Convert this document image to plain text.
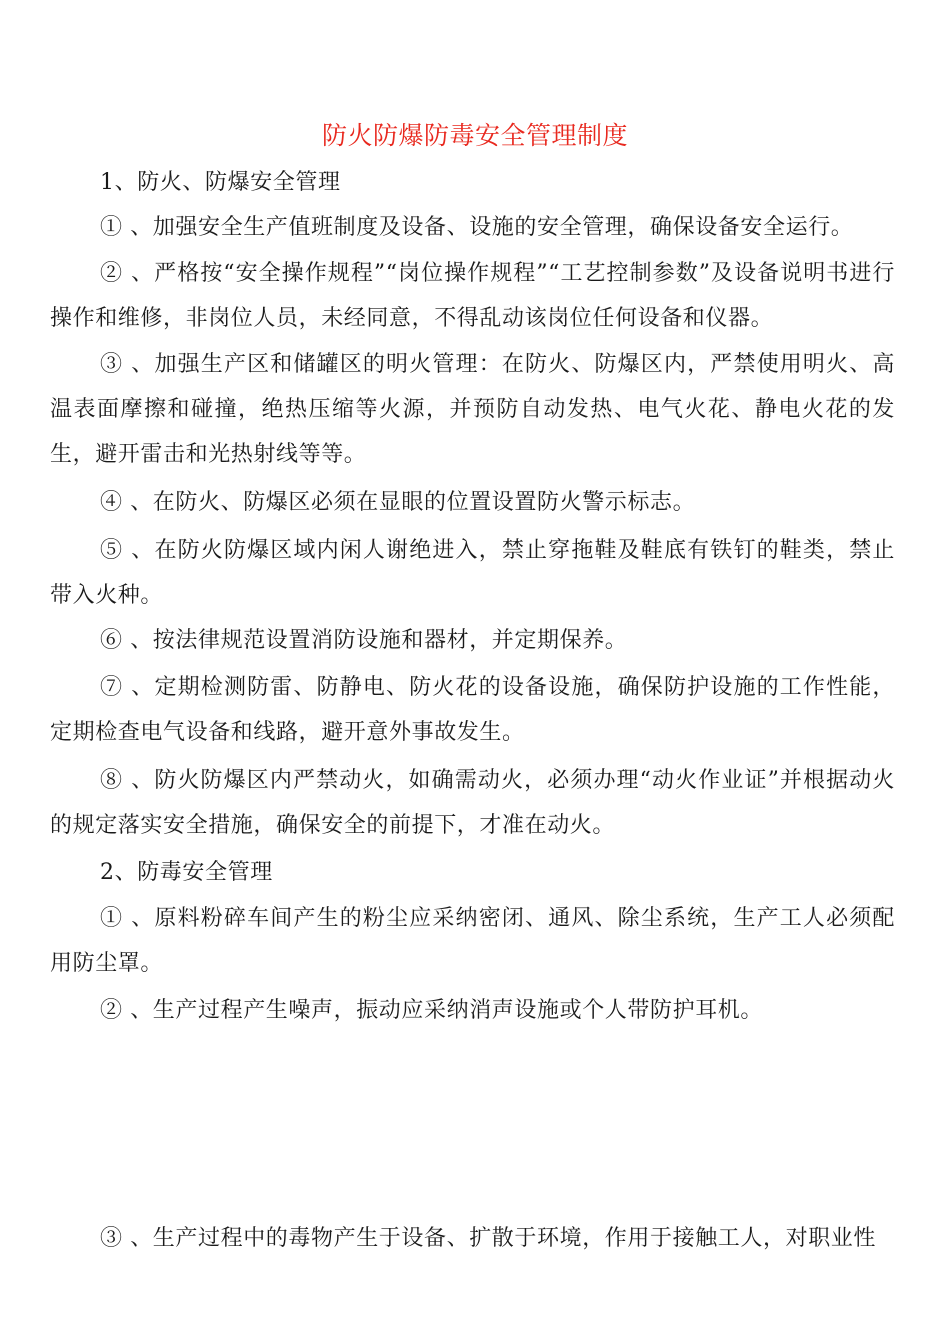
防火防爆防毒安全管理制度

1、防火、防爆安全管理

① 、加强安全生产值班制度及设备、设施的安全管理，确保设备安全运行。

② 、严格按“安全操作规程”“岗位操作规程”“工艺控制参数”及设备说明书进行操作和维修，非岗位人员，未经同意，不得乱动该岗位任何设备和仪器。

③ 、加强生产区和储罐区的明火管理：在防火、防爆区内，严禁使用明火、高温表面摩擦和碰撞，绝热压缩等火源，并预防自动发热、电气火花、静电火花的发生，避开雷击和光热射线等等。

④ 、在防火、防爆区必须在显眼的位置设置防火警示标志。

⑤ 、在防火防爆区域内闲人谢绝进入，禁止穿拖鞋及鞋底有铁钉的鞋类，禁止带入火种。

⑥ 、按法律规范设置消防设施和器材，并定期保养。

⑦ 、定期检测防雷、防静电、防火花的设备设施，确保防护设施的工作性能，定期检查电气设备和线路，避开意外事故发生。

⑧ 、防火防爆区内严禁动火，如确需动火，必须办理“动火作业证”并根据动火的规定落实安全措施，确保安全的前提下，才准在动火。

2、防毒安全管理

① 、原料粉碎车间产生的粉尘应采纳密闭、通风、除尘系统，生产工人必须配用防尘罩。

② 、生产过程产生噪声，振动应采纳消声设施或个人带防护耳机。

③ 、生产过程中的毒物产生于设备、扩散于环境，作用于接触工人，对职业性
